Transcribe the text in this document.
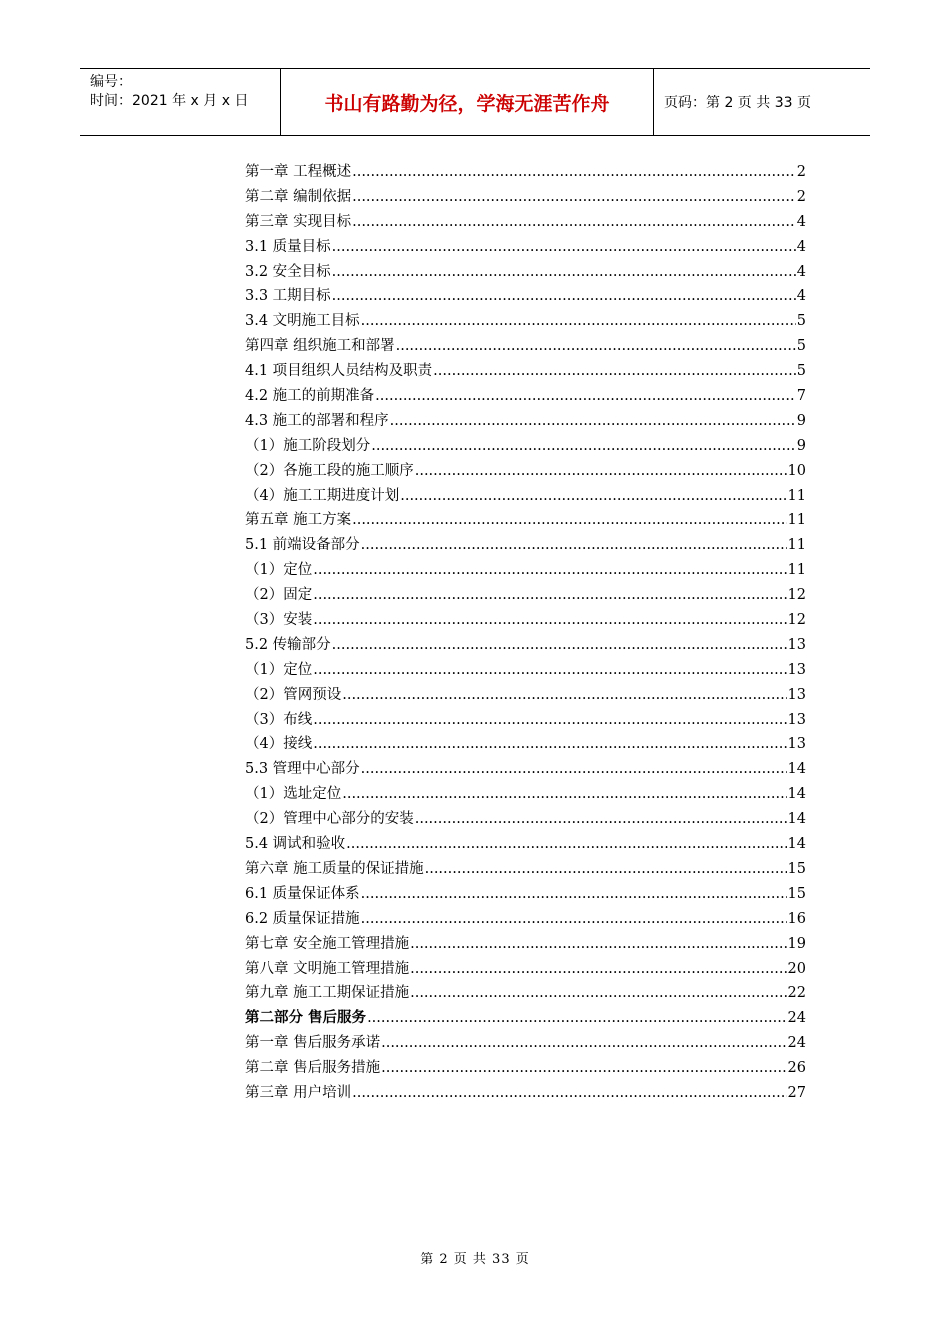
编号：
时间：2021 年 x 月 x 日	书山有路勤为径，学海无涯苦作舟	页码：第 2 页 共 33 页
第一章 工程概述 .....	2
第二章 编制依据 .....	2
第三章 实现目标 .....	4
3.1 质量目标 .....	4
3.2 安全目标 .....	4
3.3 工期目标 .....	4
3.4 文明施工目标 .....	5
第四章 组织施工和部署 .....	5
4.1 项目组织人员结构及职责 .....	5
4.2 施工的前期准备 .....	7
4.3 施工的部署和程序 .....	9
（1）施工阶段划分 .....	9
（2）各施工段的施工顺序 .....	10
（4）施工工期进度计划 .....	11
第五章 施工方案 .....	11
5.1 前端设备部分 .....	11
（1）定位 .....	11
（2）固定 .....	12
（3）安装 .....	12
5.2 传输部分 .....	13
（1）定位 .....	13
（2）管网预设 .....	13
（3）布线 .....	13
（4）接线 .....	13
5.3 管理中心部分 .....	14
（1）选址定位 .....	14
（2）管理中心部分的安装 .....	14
5.4 调试和验收 .....	14
第六章 施工质量的保证措施 .....	15
6.1 质量保证体系 .....	15
6.2 质量保证措施 .....	16
第七章 安全施工管理措施 .....	19
第八章 文明施工管理措施 .....	20
第九章 施工工期保证措施 .....	22
第二部分 售后服务 .....	24
第一章 售后服务承诺 .....	24
第二章 售后服务措施 .....	26
第三章 用户培训 .....	27
第 2 页 共 33 页
